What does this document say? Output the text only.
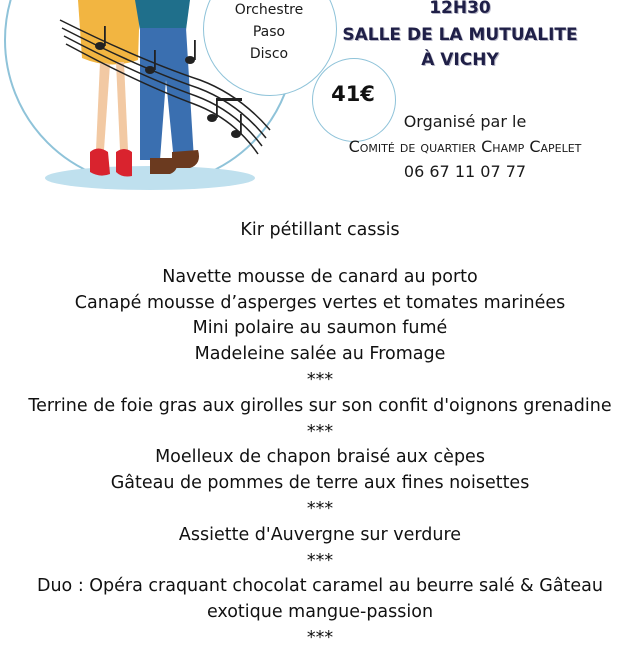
Orchestre
Paso
Disco
41€
12H30
SALLE DE LA MUTUALITE
À VICHY
Organisé par le
Comité de quartier Champ Capelet
06 67 11 07 77
Kir pétillant cassis
Navette mousse de canard au porto
Canapé mousse d’asperges vertes et tomates marinées
Mini polaire au saumon fumé
Madeleine salée au Fromage
***
Terrine de foie gras aux girolles sur son confit d'oignons grenadine
***
Moelleux de chapon braisé aux cèpes
Gâteau de pommes de terre aux fines noisettes
***
Assiette d'Auvergne sur verdure
***
Duo : Opéra craquant chocolat caramel au beurre salé & Gâteau
exotique mangue-passion
***
